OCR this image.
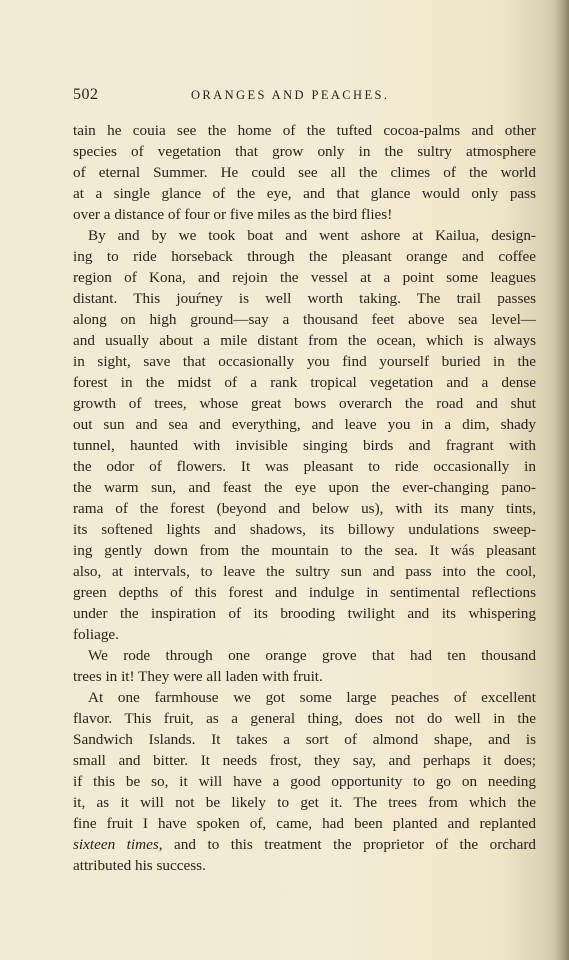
502	ORANGES AND PEACHES.
tain he couia see the home of the tufted cocoa-palms and other
species of vegetation that grow only in the sultry atmosphere
of eternal Summer. He could see all the climes of the world
at a single glance of the eye, and that glance would only pass
over a distance of four or five miles as the bird flies!
By and by we took boat and went ashore at Kailua, design-
ing to ride horseback through the pleasant orange and coffee
region of Kona, and rejoin the vessel at a point some leagues
distant. This jouŕney is well worth taking. The trail passes
along on high ground—say a thousand feet above sea level—
and usually about a mile distant from the ocean, which is always
in sight, save that occasionally you find yourself buried in the
forest in the midst of a rank tropical vegetation and a dense
growth of trees, whose great bows overarch the road and shut
out sun and sea and everything, and leave you in a dim, shady
tunnel, haunted with invisible singing birds and fragrant with
the odor of flowers. It was pleasant to ride occasionally in
the warm sun, and feast the eye upon the ever-changing pano-
rama of the forest (beyond and below us), with its many tints,
its softened lights and shadows, its billowy undulations sweep-
ing gently down from the mountain to the sea. It wás pleasant
also, at intervals, to leave the sultry sun and pass into the cool,
green depths of this forest and indulge in sentimental reflections
under the inspiration of its brooding twilight and its whispering
foliage.
We rode through one orange grove that had ten thousand
trees in it! They were all laden with fruit.
At one farmhouse we got some large peaches of excellent
flavor. This fruit, as a general thing, does not do well in the
Sandwich Islands. It takes a sort of almond shape, and is
small and bitter. It needs frost, they say, and perhaps it does;
if this be so, it will have a good opportunity to go on needing
it, as it will not be likely to get it. The trees from which the
fine fruit I have spoken of, came, had been planted and replanted
sixteen times, and to this treatment the proprietor of the orchard
attributed his success.
